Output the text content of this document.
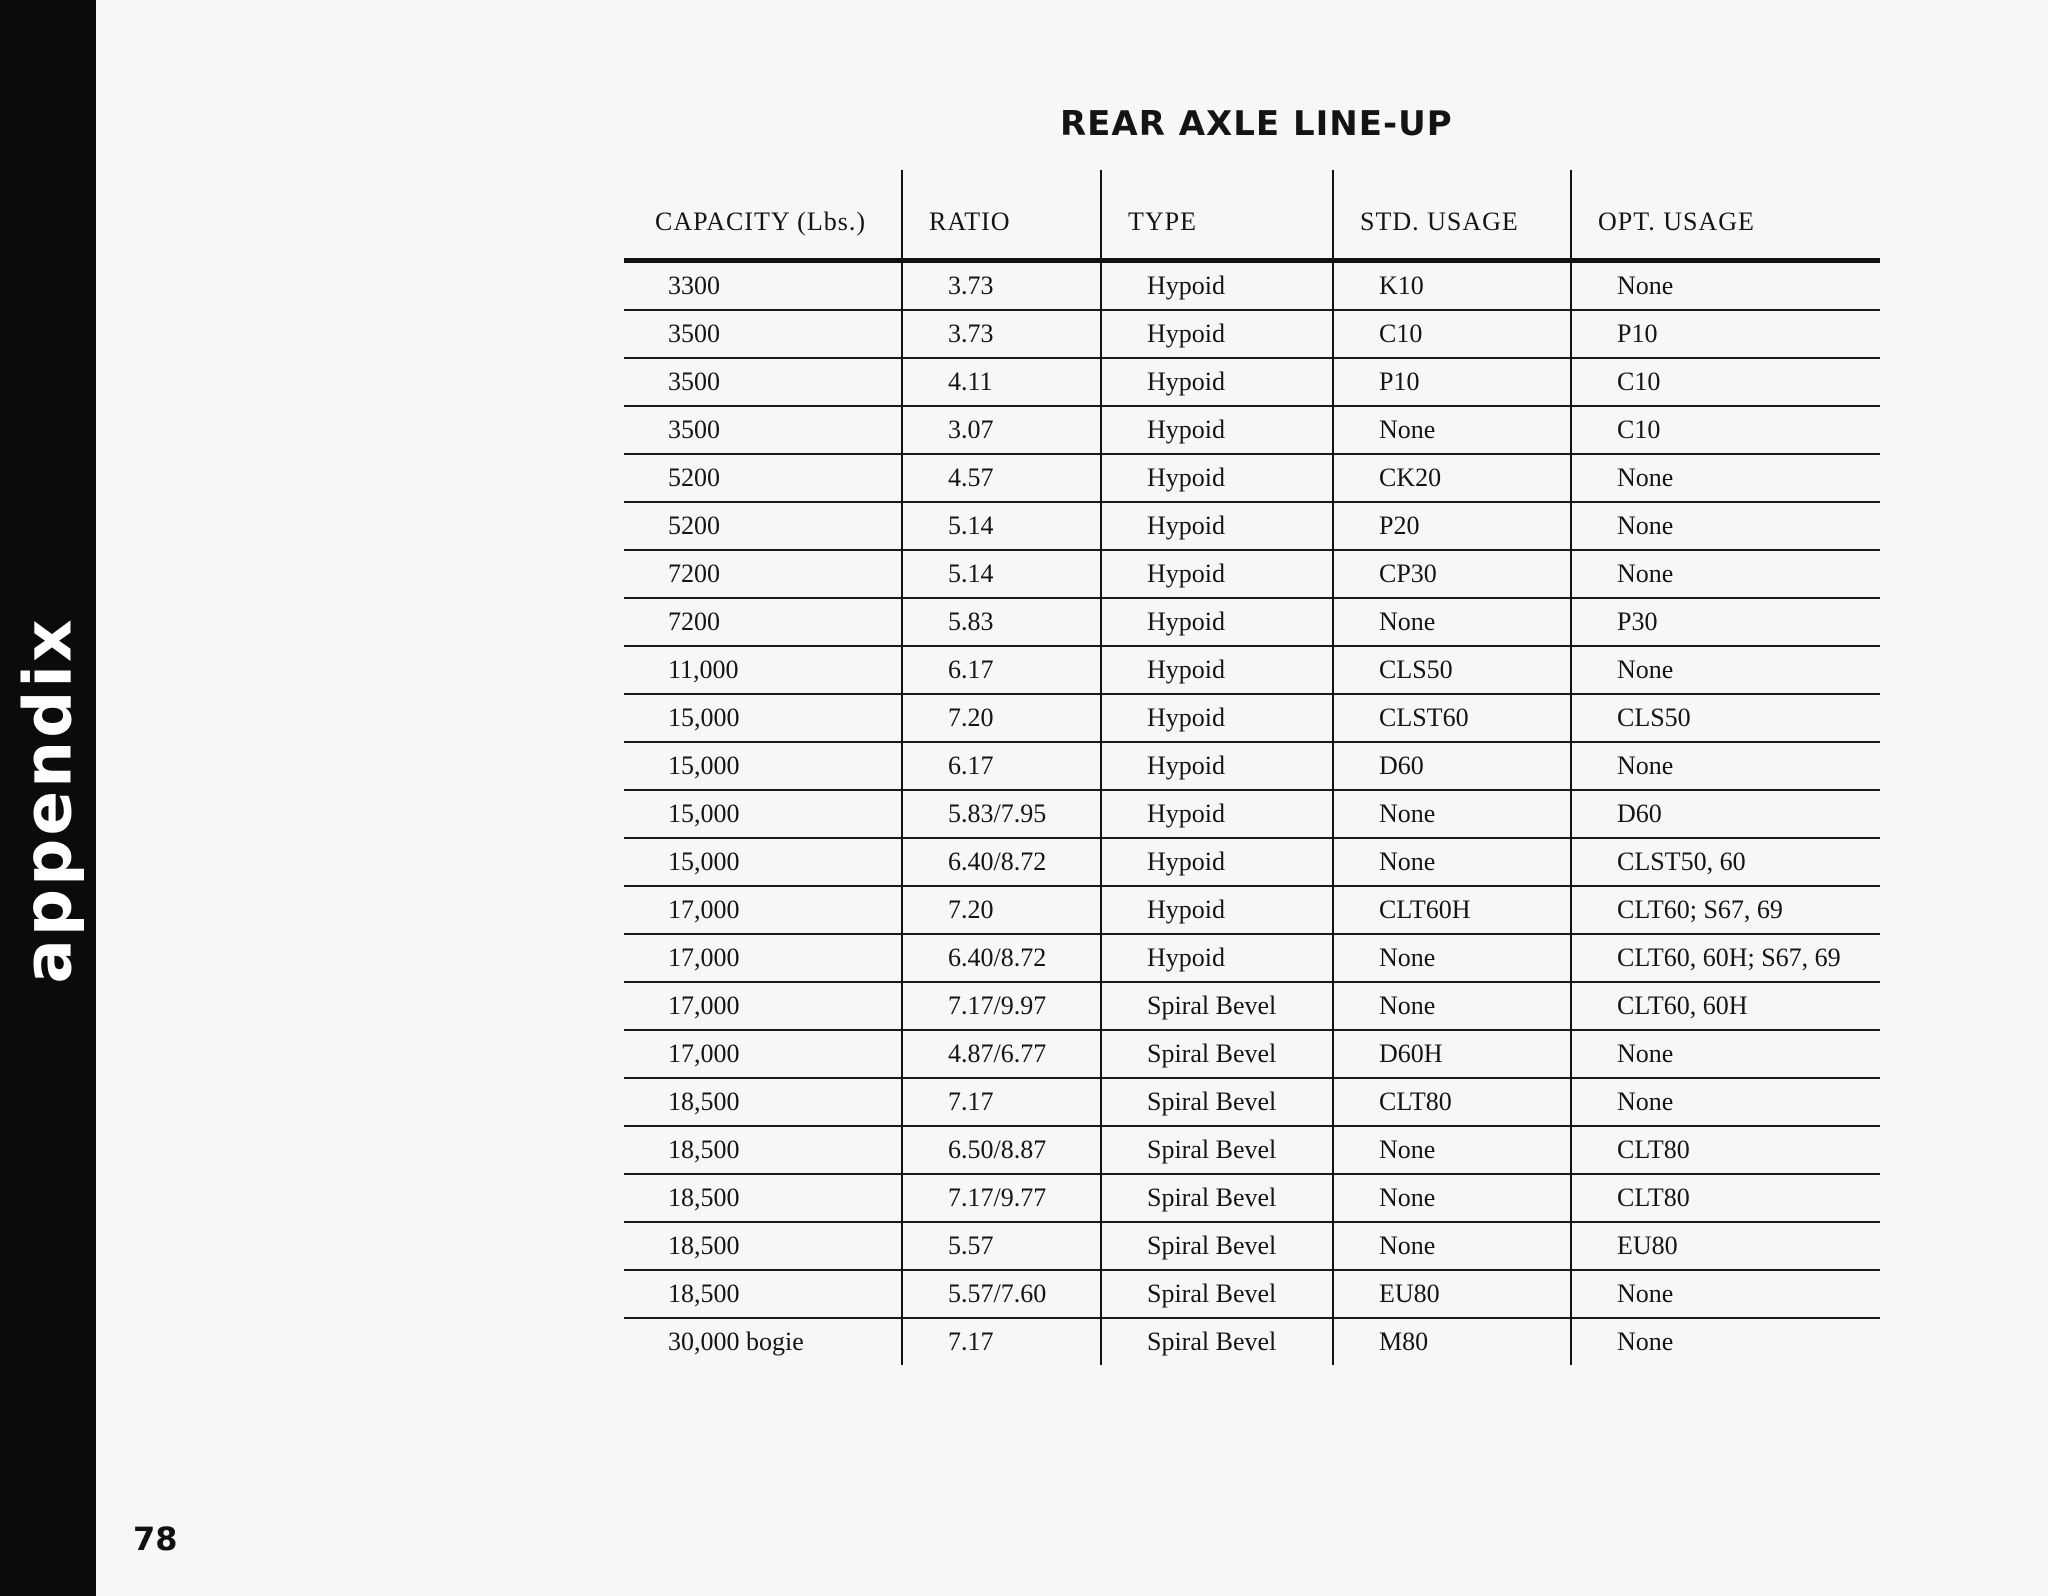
appendix
REAR AXLE LINE-UP
CAPACITY (Lbs.)	RATIO	TYPE	STD. USAGE	OPT. USAGE
3300	3.73	Hypoid	K10	None
3500	3.73	Hypoid	C10	P10
3500	4.11	Hypoid	P10	C10
3500	3.07	Hypoid	None	C10
5200	4.57	Hypoid	CK20	None
5200	5.14	Hypoid	P20	None
7200	5.14	Hypoid	CP30	None
7200	5.83	Hypoid	None	P30
11,000	6.17	Hypoid	CLS50	None
15,000	7.20	Hypoid	CLST60	CLS50
15,000	6.17	Hypoid	D60	None
15,000	5.83/7.95	Hypoid	None	D60
15,000	6.40/8.72	Hypoid	None	CLST50, 60
17,000	7.20	Hypoid	CLT60H	CLT60; S67, 69
17,000	6.40/8.72	Hypoid	None	CLT60, 60H; S67, 69
17,000	7.17/9.97	Spiral Bevel	None	CLT60, 60H
17,000	4.87/6.77	Spiral Bevel	D60H	None
18,500	7.17	Spiral Bevel	CLT80	None
18,500	6.50/8.87	Spiral Bevel	None	CLT80
18,500	7.17/9.77	Spiral Bevel	None	CLT80
18,500	5.57	Spiral Bevel	None	EU80
18,500	5.57/7.60	Spiral Bevel	EU80	None
30,000 bogie	7.17	Spiral Bevel	M80	None
78
